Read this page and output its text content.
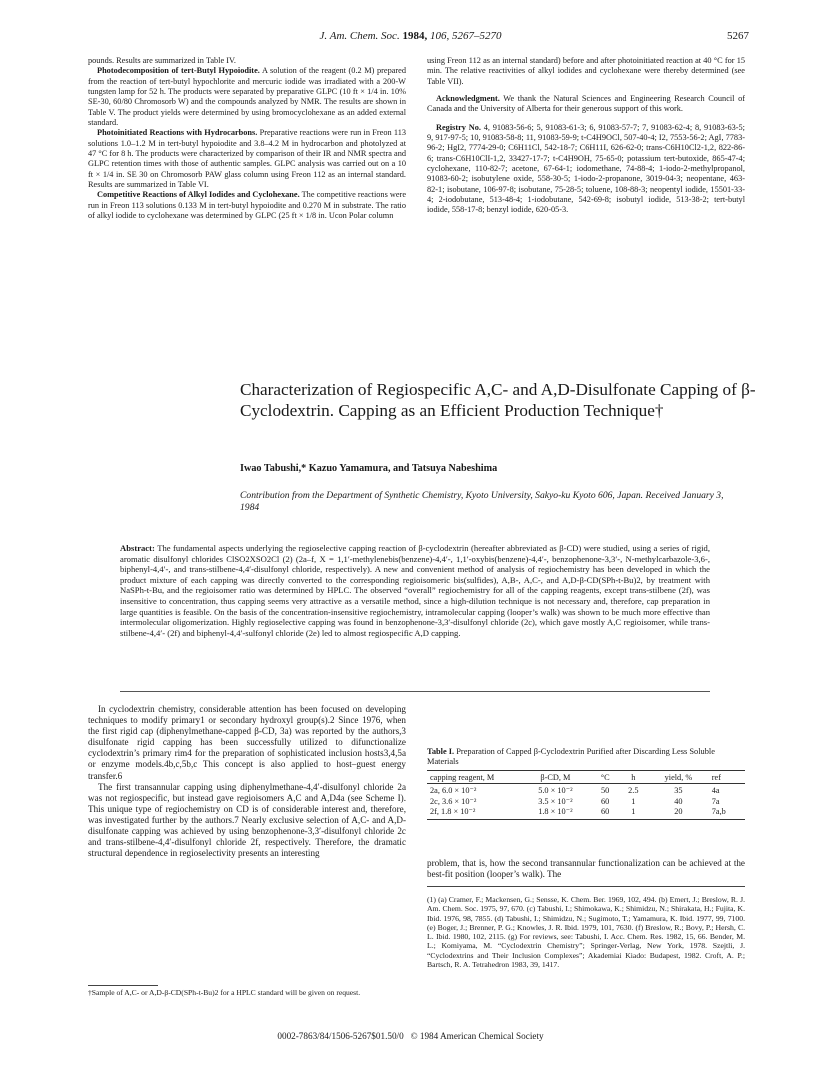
J. Am. Chem. Soc. 1984, 106, 5267–5270	5267

pounds. Results are summarized in Table IV.

Photodecomposition of tert-Butyl Hypoiodite. A solution of the reagent (0.2 M) prepared from the reaction of tert-butyl hypochlorite and mercuric iodide was irradiated with a 200-W tungsten lamp for 52 h. The products were separated by preparative GLPC (10 ft × 1/4 in. 10% SE-30, 60/80 Chromosorb W) and the compounds analyzed by NMR. The results are shown in Table V. The product yields were determined by using bromocyclohexane as an added external standard.

Photoinitiated Reactions with Hydrocarbons. Preparative reactions were run in Freon 113 solutions 1.0–1.2 M in tert-butyl hypoiodite and 3.8–4.2 M in hydrocarbon and photolyzed at 47 °C for 8 h. The products were characterized by comparison of their IR and NMR spectra and GLPC retention times with those of authentic samples. GLPC analysis was carried out on a 10 ft × 1/4 in. SE 30 on Chromosorb PAW glass column using Freon 112 as an internal standard. Results are summarized in Table VI.

Competitive Reactions of Alkyl Iodides and Cyclohexane. The competitive reactions were run in Freon 113 solutions 0.133 M in tert-butyl hypoiodite and 0.270 M in substrate. The ratio of alkyl iodide to cyclohexane was determined by GLPC (25 ft × 1/8 in. Ucon Polar column

using Freon 112 as an internal standard) before and after photoinitiated reaction at 40 °C for 15 min. The relative reactivities of alkyl iodides and cyclohexane were thereby determined (see Table VII).

Acknowledgment. We thank the Natural Sciences and Engineering Research Council of Canada and the University of Alberta for their generous support of this work.

Registry No. 4, 91083-56-6; 5, 91083-61-3; 6, 91083-57-7; 7, 91083-62-4; 8, 91083-63-5; 9, 917-97-5; 10, 91083-58-8; 11, 91083-59-9; t-C4H9OCl, 507-40-4; I2, 7553-56-2; AgI, 7783-96-2; HgI2, 7774-29-0; C6H11Cl, 542-18-7; C6H11I, 626-62-0; trans-C6H10Cl2-1,2, 822-86-6; trans-C6H10ClI-1,2, 33427-17-7; t-C4H9OH, 75-65-0; potassium tert-butoxide, 865-47-4; cyclohexane, 110-82-7; acetone, 67-64-1; iodomethane, 74-88-4; 1-iodo-2-methylpropanol, 91083-60-2; isobutylene oxide, 558-30-5; 1-iodo-2-propanone, 3019-04-3; neopentane, 463-82-1; isobutane, 106-97-8; isobutane, 75-28-5; toluene, 108-88-3; neopentyl iodide, 15501-33-4; 2-iodobutane, 513-48-4; 1-iodobutane, 542-69-8; isobutyl iodide, 513-38-2; tert-butyl iodide, 558-17-8; benzyl iodide, 620-05-3.

Characterization of Regiospecific A,C- and A,D-Disulfonate Capping of β-Cyclodextrin. Capping as an Efficient Production Technique†
Iwao Tabushi,* Kazuo Yamamura, and Tatsuya Nabeshima
Contribution from the Department of Synthetic Chemistry, Kyoto University, Sakyo-ku Kyoto 606, Japan. Received January 3, 1984
Abstract: The fundamental aspects underlying the regioselective capping reaction of β-cyclodextrin (hereafter abbreviated as β-CD) were studied, using a series of rigid, aromatic disulfonyl chlorides ClSO2XSO2Cl (2) (2a–f, X = 1,1′-methylenebis(benzene)-4,4′-, 1,1′-oxybis(benzene)-4,4′-, benzophenone-3,3′-, N-methylcarbazole-3,6-, biphenyl-4,4′-, and trans-stilbene-4,4′-disulfonyl chloride, respectively). A new and convenient method of analysis of regiochemistry has been developed in which the product mixture of each capping was directly converted to the corresponding regioisomeric bis(sulfides), A,B-, A,C-, and A,D-β-CD(SPh-t-Bu)2, by treatment with NaSPh-t-Bu, and the regioisomer ratio was determined by HPLC. The observed “overall” regiochemistry for all of the capping reagents, except trans-stilbene (2f), was insensitive to concentration, thus capping seems very attractive as a versatile method, since a high-dilution technique is not necessary and, therefore, cap preparation in large quantities is feasible. On the basis of the concentration-insensitive regiochemistry, intramolecular capping (looper’s walk) was shown to be much more effective than intermolecular oligomerization. Highly regioselective capping was found in benzophenone-3,3′-disulfonyl chloride (2c), which gave mostly A,C regioisomer, while trans-stilbene-4,4′- (2f) and biphenyl-4,4′-sulfonyl chloride (2e) led to almost regiospecific A,D capping.

In cyclodextrin chemistry, considerable attention has been focused on developing techniques to modify primary1 or secondary hydroxyl group(s).2 Since 1976, when the first rigid cap (diphenylmethane-capped β-CD, 3a) was reported by the authors,3 disulfonate rigid capping has been successfully utilized to difunctionalize cyclodextrin’s primary rim4 for the preparation of sophisticated inclusion hosts3,4,5a or enzyme models.4b,c,5b,c This concept is also applied to host–guest energy transfer.6

The first transannular capping using diphenylmethane-4,4′-disulfonyl chloride 2a was not regiospecific, but instead gave regioisomers A,C and A,D4a (see Scheme I). This unique type of regiochemistry on CD is of considerable interest and, therefore, was investigated further by the authors.7 Nearly exclusive selection of A,C- and A,D-disulfonate capping was achieved by using benzophenone-3,3′-disulfonyl chloride 2c and trans-stilbene-4,4′-disulfonyl chloride 2f, respectively. Therefore, the dramatic structural dependence in regioselectivity presents an interesting

†Sample of A,C- or A,D-β-CD(SPh-t-Bu)2 for a HPLC standard will be given on request.
Table I. Preparation of Capped β-Cyclodextrin Purified after Discarding Less Soluble Materials
capping reagent, M	β-CD, M	°C	h	yield, %	ref

2a, 6.0 × 10⁻²	5.0 × 10⁻²	50	2.5	35	4a
2c, 3.6 × 10⁻²	3.5 × 10⁻²	60	1	40	7a
2f, 1.8 × 10⁻²	1.8 × 10⁻²	60	1	20	7a,b

problem, that is, how the second transannular functionalization can be achieved at the best-fit position (looper’s walk). The

(1) (a) Cramer, F.; Mackensen, G.; Sensse, K. Chem. Ber. 1969, 102, 494. (b) Emert, J.; Breslow, R. J. Am. Chem. Soc. 1975, 97, 670. (c) Tabushi, I.; Shimokawa, K.; Shimidzu, N.; Shirakata, H.; Fujita, K. Ibid. 1976, 98, 7855. (d) Tabushi, I.; Shimidzu, N.; Sugimoto, T.; Yamamura, K. Ibid. 1977, 99, 7100. (e) Boger, J.; Brenner, P. G.; Knowles, J. R. Ibid. 1979, 101, 7630. (f) Breslow, R.; Bovy, P.; Hersh, C. L. Ibid. 1980, 102, 2115. (g) For reviews, see: Tabushi, I. Acc. Chem. Res. 1982, 15, 66. Bender, M. L.; Komiyama, M. “Cyclodextrin Chemistry”; Springer-Verlag, New York, 1978. Szejtli, J. “Cyclodextrins and Their Inclusion Complexes”; Akademiai Kiado: Budapest, 1982. Croft, A. P.; Bartsch, R. A. Tetrahedron 1983, 39, 1417.
0002-7863/84/1506-5267$01.50/0 © 1984 American Chemical Society
